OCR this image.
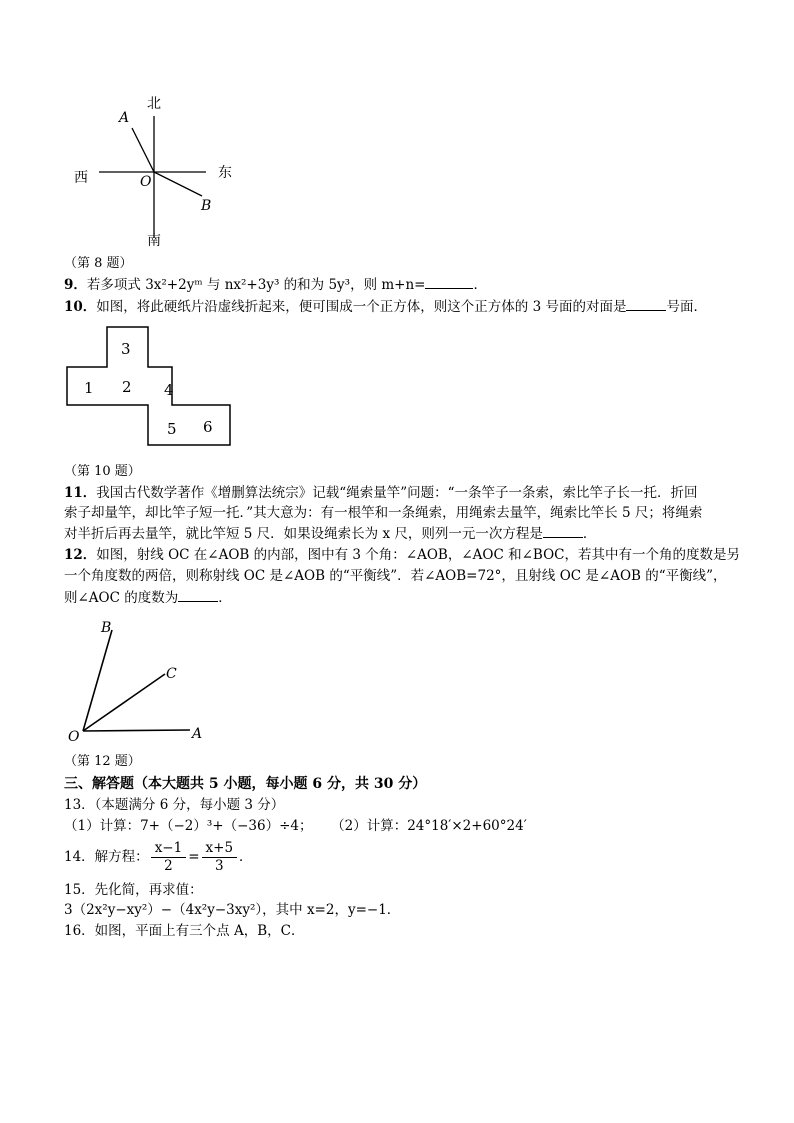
北
南
东
西	O
A
B
（第 8 题）
9．若多项式 3x²+2yᵐ 与 nx²+3y³ 的和为 5y³，则 m+n=	．
10．如图，将此硬纸片沿虚线折起来，便可围成一个正方体，则这个正方体的 3 号面的对面是	号面．
3
1 2 4
5 6
（第 10 题）
11．我国古代数学著作《增删算法统宗》记载“绳索量竿”问题：“一条竿子一条索，索比竿子长一托．折回
索子却量竿，却比竿子短一托．”其大意为：有一根竿和一条绳索，用绳索去量竿，绳索比竿长 5 尺；将绳索
对半折后再去量竿，就比竿短 5 尺．如果设绳索长为 x 尺，则列一元一次方程是	．
12．如图，射线 OC 在∠AOB 的内部，图中有 3 个角：∠AOB，∠AOC 和∠BOC，若其中有一个角的度数是另
一个角度数的两倍，则称射线 OC 是∠AOB 的“平衡线”．若∠AOB=72°，且射线 OC 是∠AOB 的“平衡线”，
则∠AOC 的度数为	．
B
C
A
O
（第 12 题）
三、解答题（本大题共 5 小题，每小题 6 分，共 30 分）
13．（本题满分 6 分，每小题 3 分）
（1）计算：7+（−2）³+（−36）÷4； （2）计算：24°18′×2+60°24′
14．解方程： $\frac{x-1}{2} = \frac{x+5}{3}$ ．
15．先化简，再求值：
3（2x²y−xy²）−（4x²y−3xy²），其中 x=2，y=−1．
16．如图，平面上有三个点 A，B，C．
